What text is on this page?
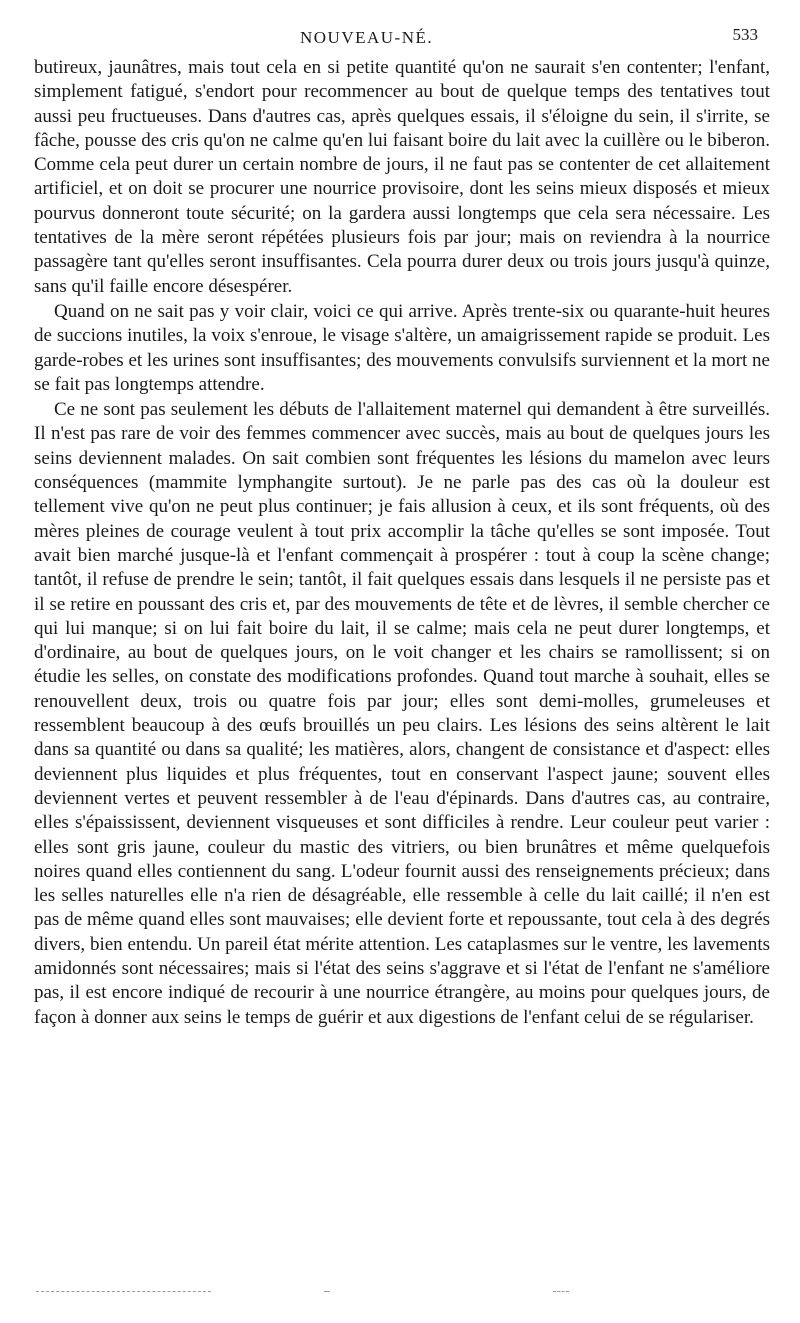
NOUVEAU-NÉ.	533

butireux, jaunâtres, mais tout cela en si petite quantité qu'on ne saurait s'en contenter; l'enfant, simplement fatigué, s'endort pour recommencer au bout de quelque temps des tentatives tout aussi peu fructueuses. Dans d'autres cas, après quelques essais, il s'éloigne du sein, il s'irrite, se fâche, pousse des cris qu'on ne calme qu'en lui faisant boire du lait avec la cuillère ou le biberon. Comme cela peut durer un certain nombre de jours, il ne faut pas se contenter de cet allaitement artificiel, et on doit se procurer une nourrice provisoire, dont les seins mieux disposés et mieux pourvus donneront toute sécurité; on la gardera aussi longtemps que cela sera nécessaire. Les tentatives de la mère seront répétées plusieurs fois par jour; mais on reviendra à la nourrice passagère tant qu'elles seront insuffisantes. Cela pourra durer deux ou trois jours jusqu'à quinze, sans qu'il faille encore désespérer.

Quand on ne sait pas y voir clair, voici ce qui arrive. Après trente-six ou quarante-huit heures de succions inutiles, la voix s'enroue, le visage s'altère, un amaigrissement rapide se produit. Les garde-robes et les urines sont insuffisantes; des mouvements convulsifs surviennent et la mort ne se fait pas longtemps attendre.

Ce ne sont pas seulement les débuts de l'allaitement maternel qui demandent à être surveillés. Il n'est pas rare de voir des femmes commencer avec succès, mais au bout de quelques jours les seins deviennent malades. On sait combien sont fréquentes les lésions du mamelon avec leurs conséquences (mammite lymphangite surtout). Je ne parle pas des cas où la douleur est tellement vive qu'on ne peut plus continuer; je fais allusion à ceux, et ils sont fréquents, où des mères pleines de courage veulent à tout prix accomplir la tâche qu'elles se sont imposée. Tout avait bien marché jusque-là et l'enfant commençait à prospérer : tout à coup la scène change; tantôt, il refuse de prendre le sein; tantôt, il fait quelques essais dans lesquels il ne persiste pas et il se retire en poussant des cris et, par des mouvements de tête et de lèvres, il semble chercher ce qui lui manque; si on lui fait boire du lait, il se calme; mais cela ne peut durer longtemps, et d'ordinaire, au bout de quelques jours, on le voit changer et les chairs se ramollissent; si on étudie les selles, on constate des modifications profondes. Quand tout marche à souhait, elles se renouvellent deux, trois ou quatre fois par jour; elles sont demi-molles, grumeleuses et ressemblent beaucoup à des œufs brouillés un peu clairs. Les lésions des seins altèrent le lait dans sa quantité ou dans sa qualité; les matières, alors, changent de consistance et d'aspect: elles deviennent plus liquides et plus fréquentes, tout en conservant l'aspect jaune; souvent elles deviennent vertes et peuvent ressembler à de l'eau d'épinards. Dans d'autres cas, au contraire, elles s'épaississent, deviennent visqueuses et sont difficiles à rendre. Leur couleur peut varier : elles sont gris jaune, couleur du mastic des vitriers, ou bien brunâtres et même quelquefois noires quand elles contiennent du sang. L'odeur fournit aussi des renseignements précieux; dans les selles naturelles elle n'a rien de désagréable, elle ressemble à celle du lait caillé; il n'en est pas de même quand elles sont mauvaises; elle devient forte et repoussante, tout cela à des degrés divers, bien entendu. Un pareil état mérite attention. Les cataplasmes sur le ventre, les lavements amidonnés sont nécessaires; mais si l'état des seins s'aggrave et si l'état de l'enfant ne s'améliore pas, il est encore indiqué de recourir à une nourrice étrangère, au moins pour quelques jours, de façon à donner aux seins le temps de guérir et aux digestions de l'enfant celui de se régulariser.
